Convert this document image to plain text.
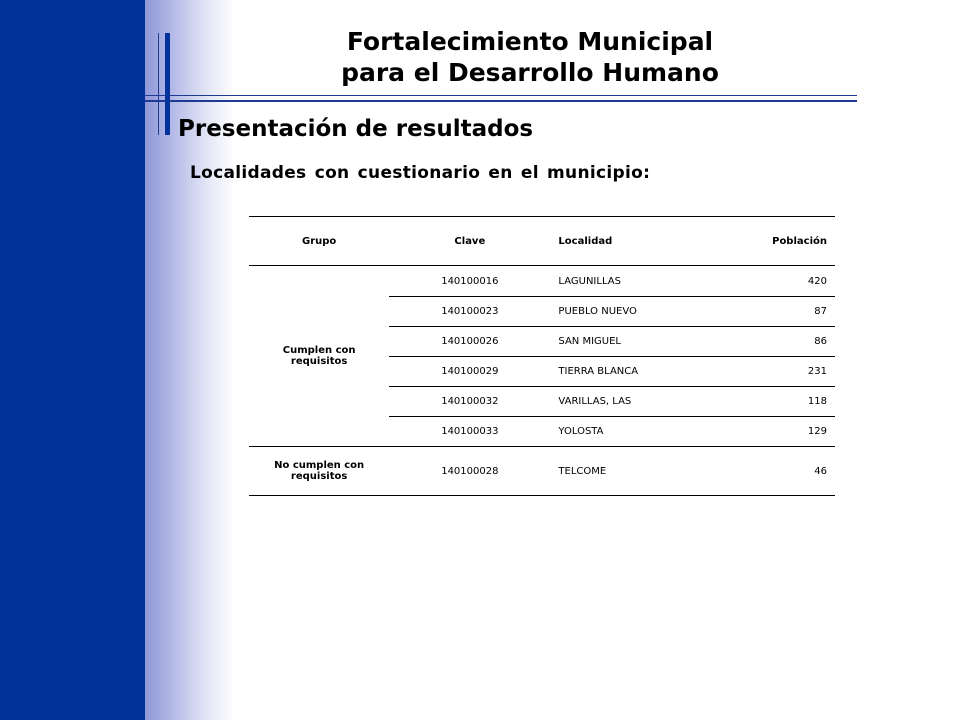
Fortalecimiento Municipal
para el Desarrollo Humano
Presentación de resultados
Localidades con cuestionario en el municipio:
Grupo	Clave	Localidad	Población
Cumplen con requisitos	140100016	LAGUNILLAS	420
	140100023	PUEBLO NUEVO	87
	140100026	SAN MIGUEL	86
	140100029	TIERRA BLANCA	231
	140100032	VARILLAS, LAS	118
	140100033	YOLOSTA	129
No cumplen con requisitos	140100028	TELCOME	46
